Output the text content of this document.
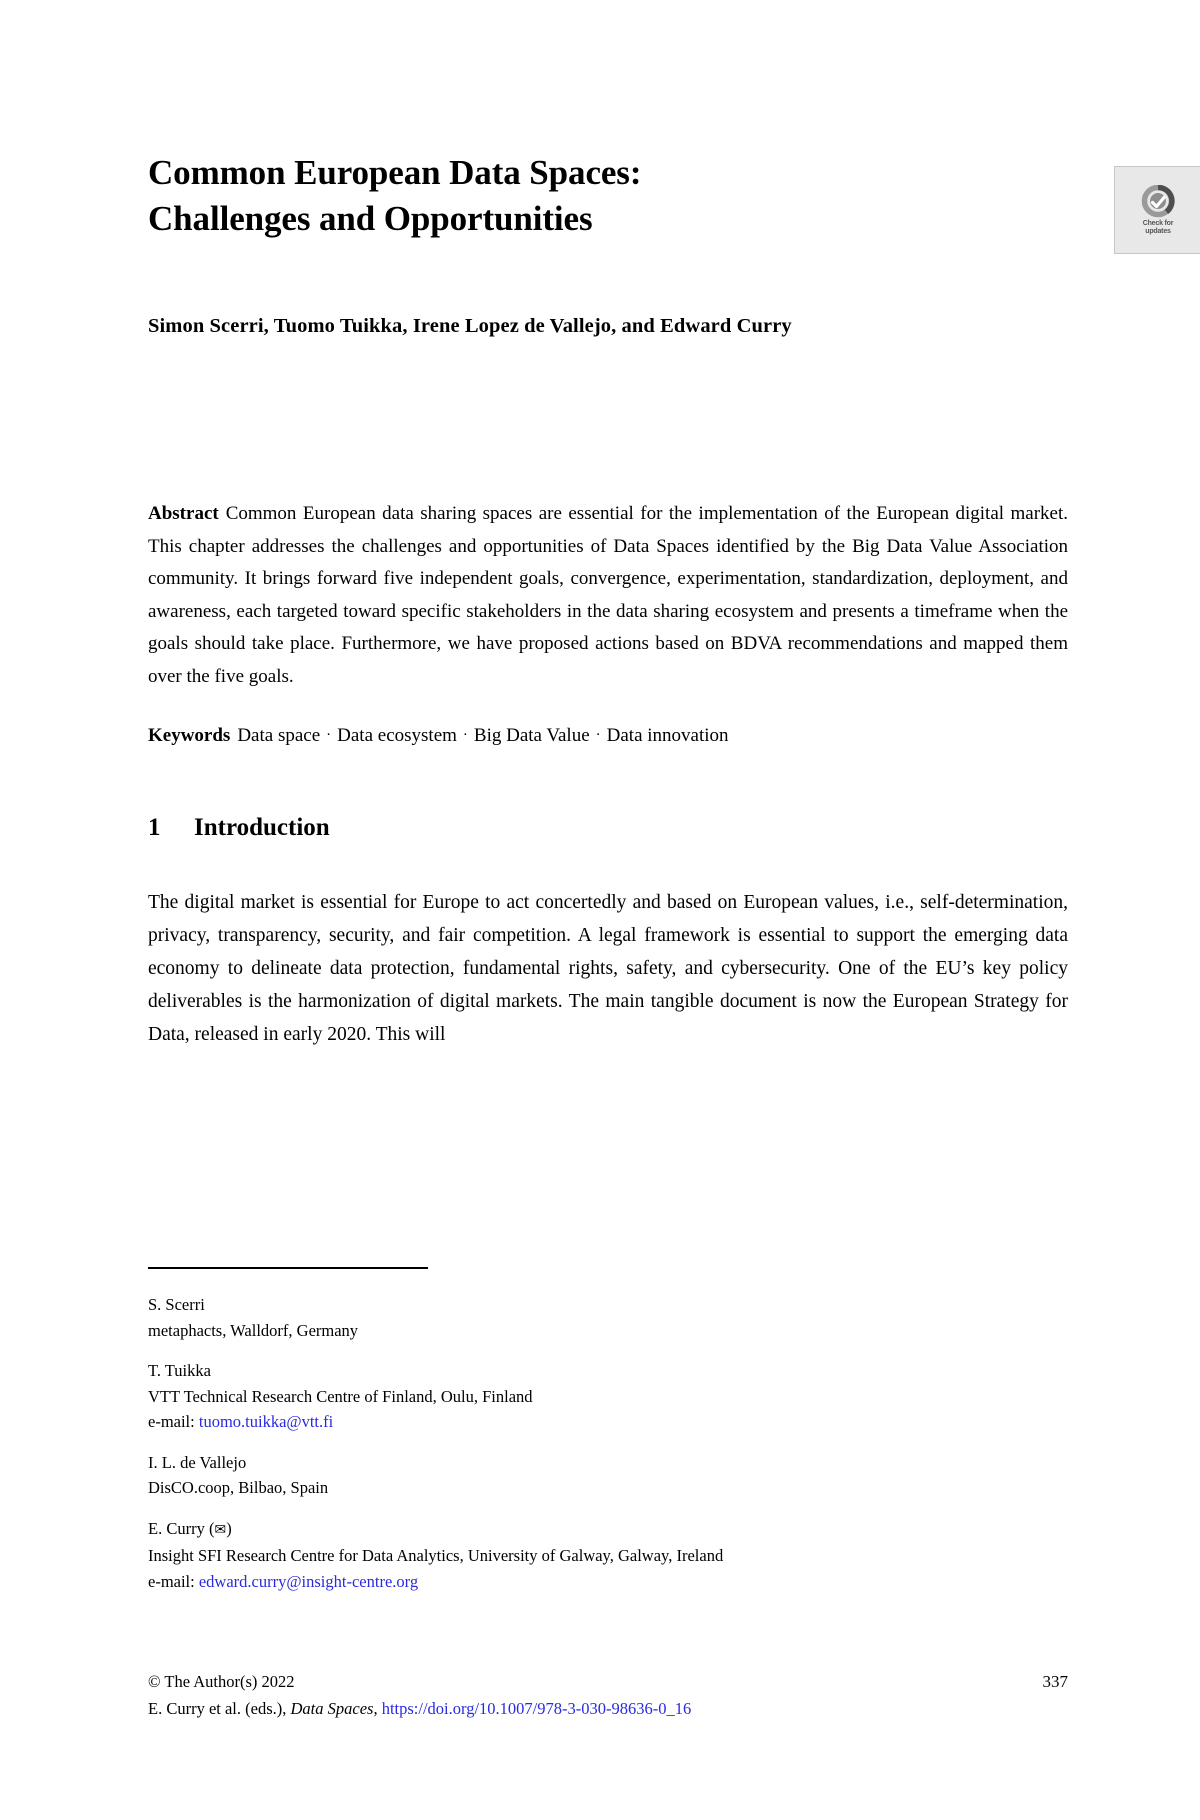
Common European Data Spaces:
Challenges and Opportunities
Simon Scerri, Tuomo Tuikka, Irene Lopez de Vallejo, and Edward Curry
Abstract Common European data sharing spaces are essential for the implementation of the European digital market. This chapter addresses the challenges and opportunities of Data Spaces identified by the Big Data Value Association community. It brings forward five independent goals, convergence, experimentation, standardization, deployment, and awareness, each targeted toward specific stakeholders in the data sharing ecosystem and presents a timeframe when the goals should take place. Furthermore, we have proposed actions based on BDVA recommendations and mapped them over the five goals.
Keywords Data space · Data ecosystem · Big Data Value · Data innovation
1	Introduction
The digital market is essential for Europe to act concertedly and based on European values, i.e., self-determination, privacy, transparency, security, and fair competition. A legal framework is essential to support the emerging data economy to delineate data protection, fundamental rights, safety, and cybersecurity. One of the EU’s key policy deliverables is the harmonization of digital markets. The main tangible document is now the European Strategy for Data, released in early 2020. This will
Check for
updates
S. Scerri
metaphacts, Walldorf, Germany
T. Tuikka
VTT Technical Research Centre of Finland, Oulu, Finland
e-mail: tuomo.tuikka@vtt.fi
I. L. de Vallejo
DisCO.coop, Bilbao, Spain
E. Curry (✉)
Insight SFI Research Centre for Data Analytics, University of Galway, Galway, Ireland
e-mail: edward.curry@insight-centre.org
© The Author(s) 2022	337
E. Curry et al. (eds.), Data Spaces, https://doi.org/10.1007/978-3-030-98636-0_16
